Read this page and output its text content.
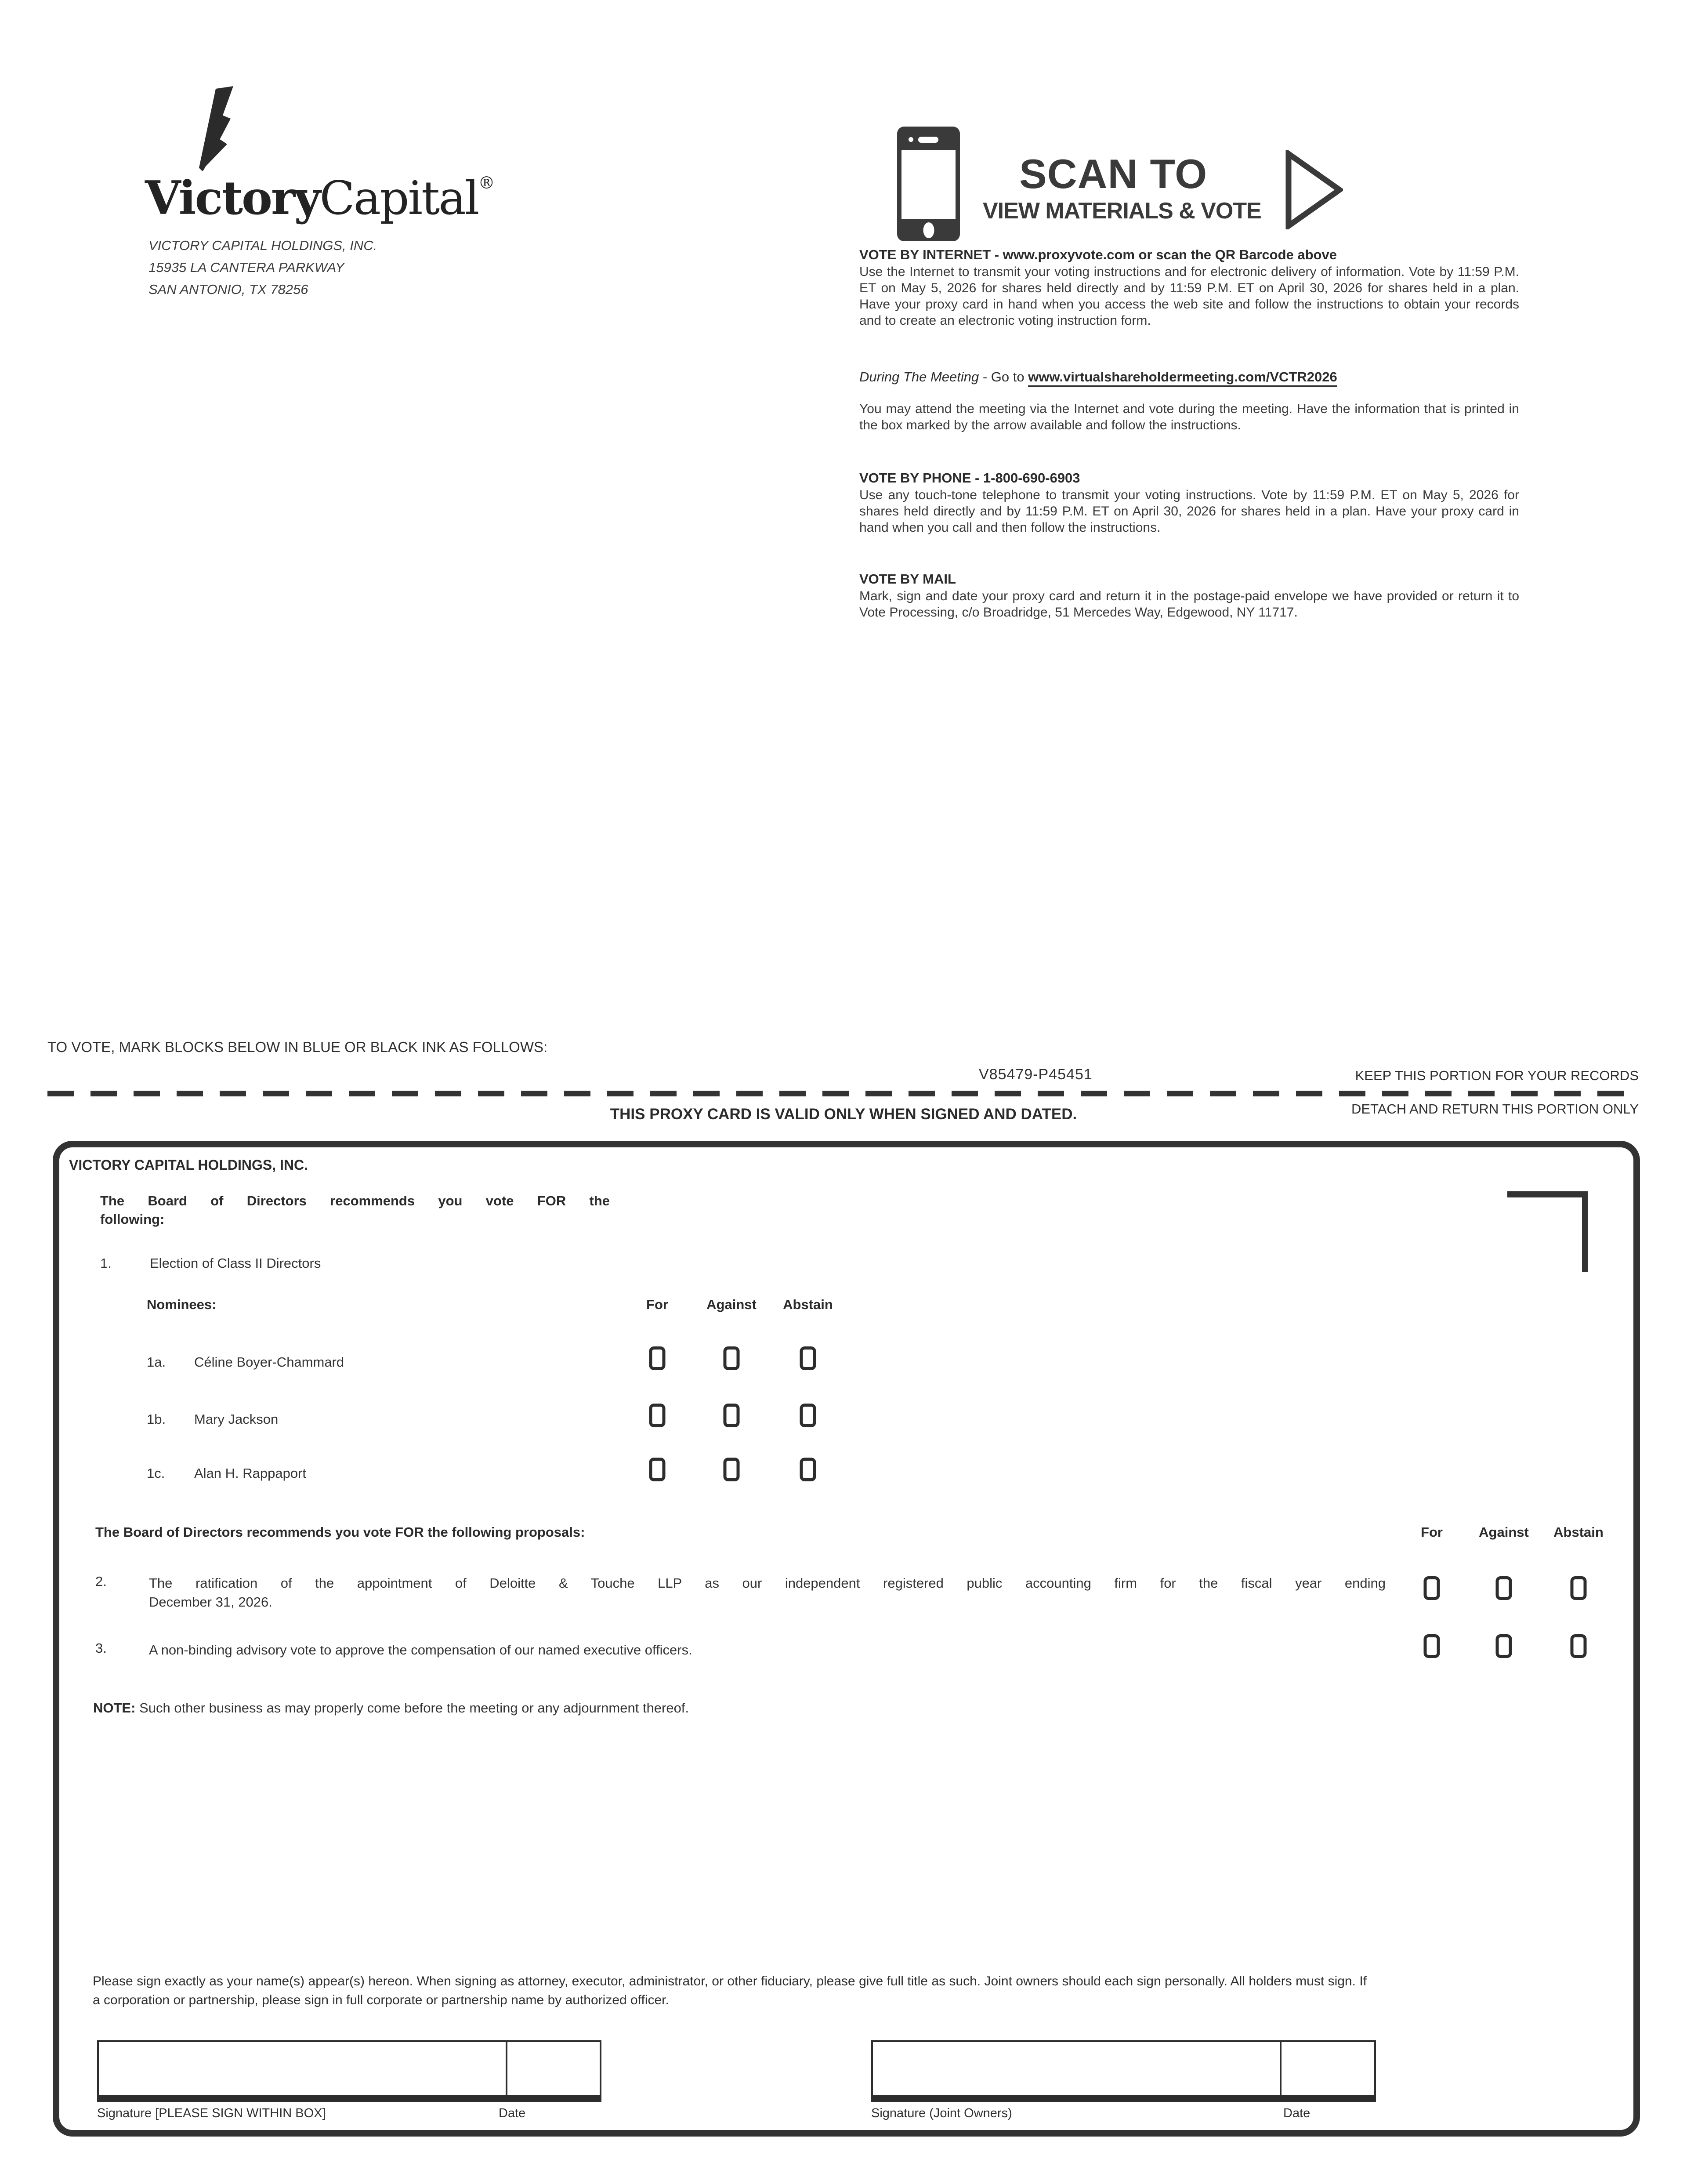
VictoryCapital®
VICTORY CAPITAL HOLDINGS, INC.
15935 LA CANTERA PARKWAY
SAN ANTONIO, TX 78256
SCAN TO
VIEW MATERIALS & VOTE
VOTE BY INTERNET - www.proxyvote.com or scan the QR Barcode above
Use the Internet to transmit your voting instructions and for electronic delivery of information. Vote by 11:59 P.M. ET on May 5, 2026 for shares held directly and by 11:59 P.M. ET on April 30, 2026 for shares held in a plan. Have your proxy card in hand when you access the web site and follow the instructions to obtain your records and to create an electronic voting instruction form.
During The Meeting - Go to www.virtualshareholdermeeting.com/VCTR2026
You may attend the meeting via the Internet and vote during the meeting. Have the information that is printed in the box marked by the arrow available and follow the instructions.
VOTE BY PHONE - 1-800-690-6903
Use any touch-tone telephone to transmit your voting instructions. Vote by 11:59 P.M. ET on May 5, 2026 for shares held directly and by 11:59 P.M. ET on April 30, 2026 for shares held in a plan. Have your proxy card in hand when you call and then follow the instructions.
VOTE BY MAIL
Mark, sign and date your proxy card and return it in the postage-paid envelope we have provided or return it to Vote Processing, c/o Broadridge, 51 Mercedes Way, Edgewood, NY 11717.
TO VOTE, MARK BLOCKS BELOW IN BLUE OR BLACK INK AS FOLLOWS:
V85479-P45451	KEEP THIS PORTION FOR YOUR RECORDS
DETACH AND RETURN THIS PORTION ONLY
THIS PROXY CARD IS VALID ONLY WHEN SIGNED AND DATED.
VICTORY CAPITAL HOLDINGS, INC.
The Board of Directors recommends you vote FOR the
following:
1.	Election of Class II Directors
Nominees:	For	Against Abstain
1a. Céline Boyer-Chammard
1b. Mary Jackson
1c. Alan H. Rappaport
The Board of Directors recommends you vote FOR the following proposals:	For	Against Abstain
2.	The ratification of the appointment of Deloitte & Touche LLP as our independent registered public accounting firm for the fiscal year ending
December 31, 2026.
3.	A non-binding advisory vote to approve the compensation of our named executive officers.
NOTE: Such other business as may properly come before the meeting or any adjournment thereof.
Please sign exactly as your name(s) appear(s) hereon. When signing as attorney, executor, administrator, or other fiduciary, please give full title as such. Joint owners should each sign personally. All holders must sign. If a corporation or partnership, please sign in full corporate or partnership name by authorized officer.
Signature [PLEASE SIGN WITHIN BOX]	Date	Signature (Joint Owners)	Date
